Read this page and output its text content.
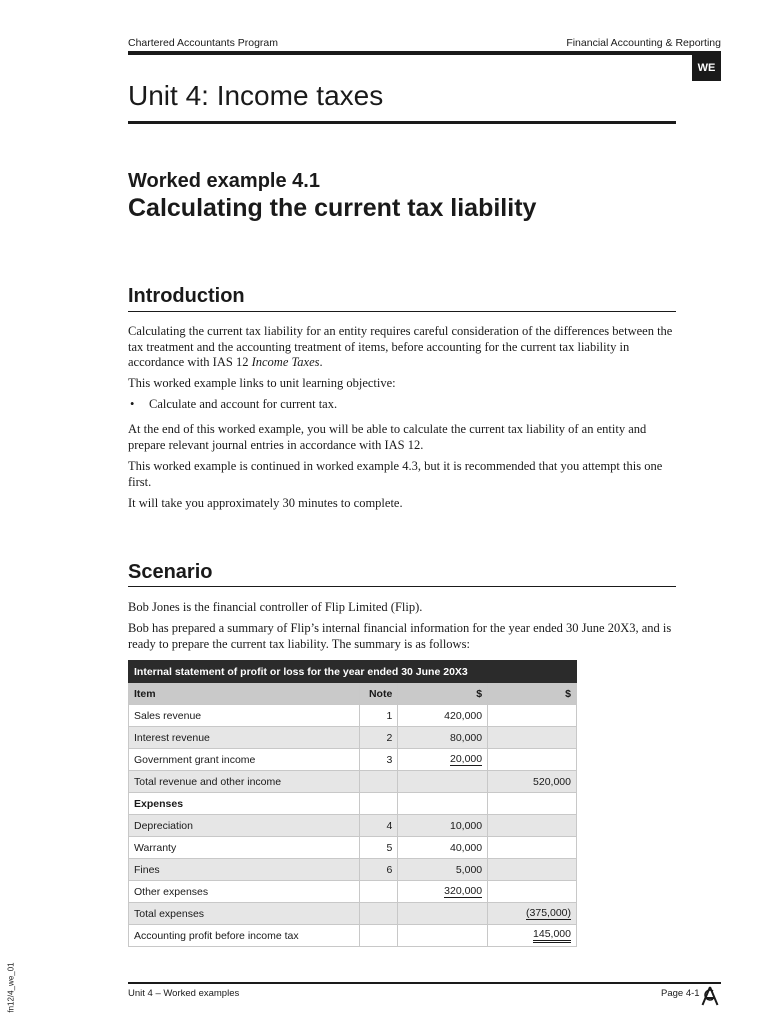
Chartered Accountants Program	Financial Accounting & Reporting
WE
Unit 4: Income taxes
Worked example 4.1
Calculating the current tax liability
Introduction

Calculating the current tax liability for an entity requires careful consideration of the differences between the tax treatment and the accounting treatment of items, before accounting for the current tax liability in accordance with IAS 12 Income Taxes.

This worked example links to unit learning objective:

• Calculate and account for current tax.

At the end of this worked example, you will be able to calculate the current tax liability of an entity and prepare relevant journal entries in accordance with IAS 12.

This worked example is continued in worked example 4.3, but it is recommended that you attempt this one first.

It will take you approximately 30 minutes to complete.

Scenario

Bob Jones is the financial controller of Flip Limited (Flip).

Bob has prepared a summary of Flip’s internal financial information for the year ended 30 June 20X3, and is ready to prepare the current tax liability. The summary is as follows:

Internal statement of profit or loss for the year ended 30 June 20X3			
Item	Note	$	$
Sales revenue	1	420,000	
Interest revenue	2	80,000	
Government grant income	3	20,000	
Total revenue and other income			520,000
Expenses			
Depreciation	4	10,000	
Warranty	5	40,000	
Fines	6	5,000	
Other expenses		320,000	
Total expenses			(375,000)
Accounting profit before income tax			145,000
Unit 4 – Worked examples	Page 4-1
fn12/4_we_01
